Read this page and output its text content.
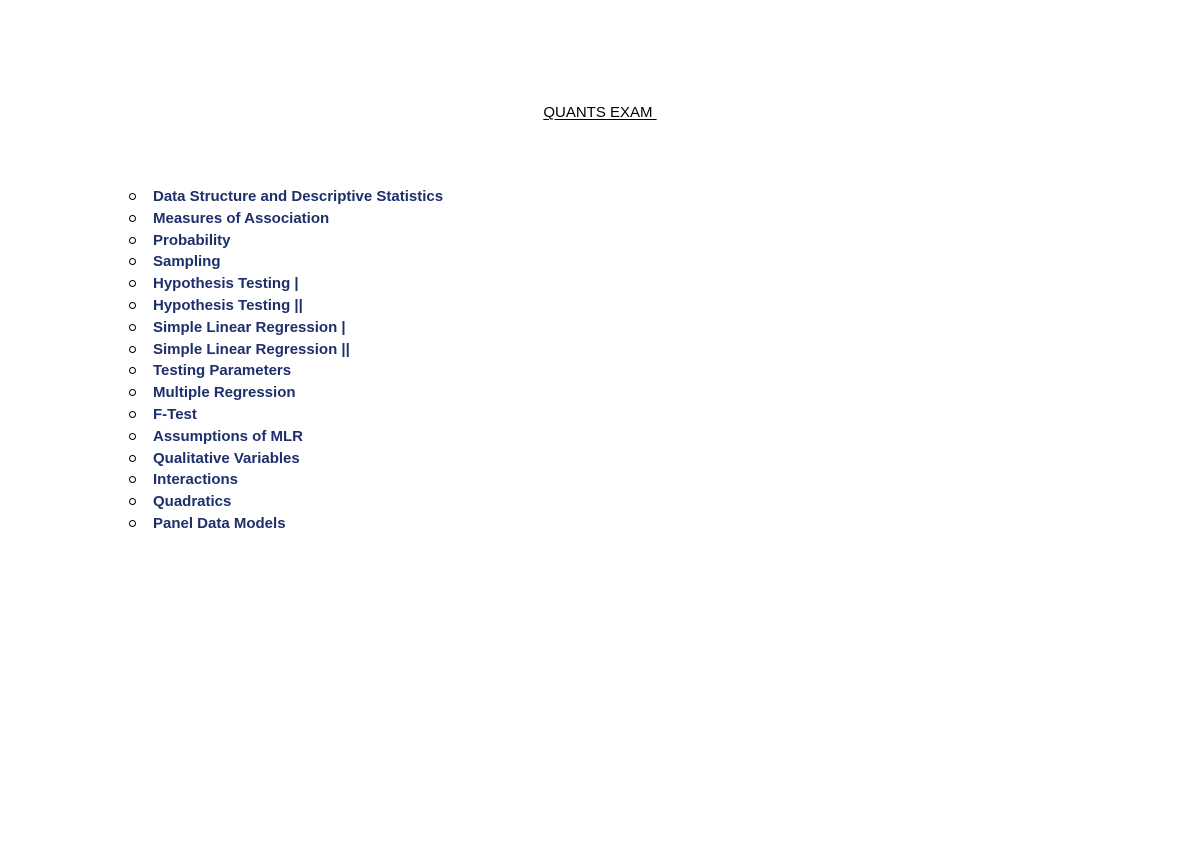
QUANTS EXAM
Data Structure and Descriptive Statistics
Measures of Association
Probability
Sampling
Hypothesis Testing |
Hypothesis Testing ||
Simple Linear Regression |
Simple Linear Regression ||
Testing Parameters
Multiple Regression
F-Test
Assumptions of MLR
Qualitative Variables
Interactions
Quadratics
Panel Data Models
